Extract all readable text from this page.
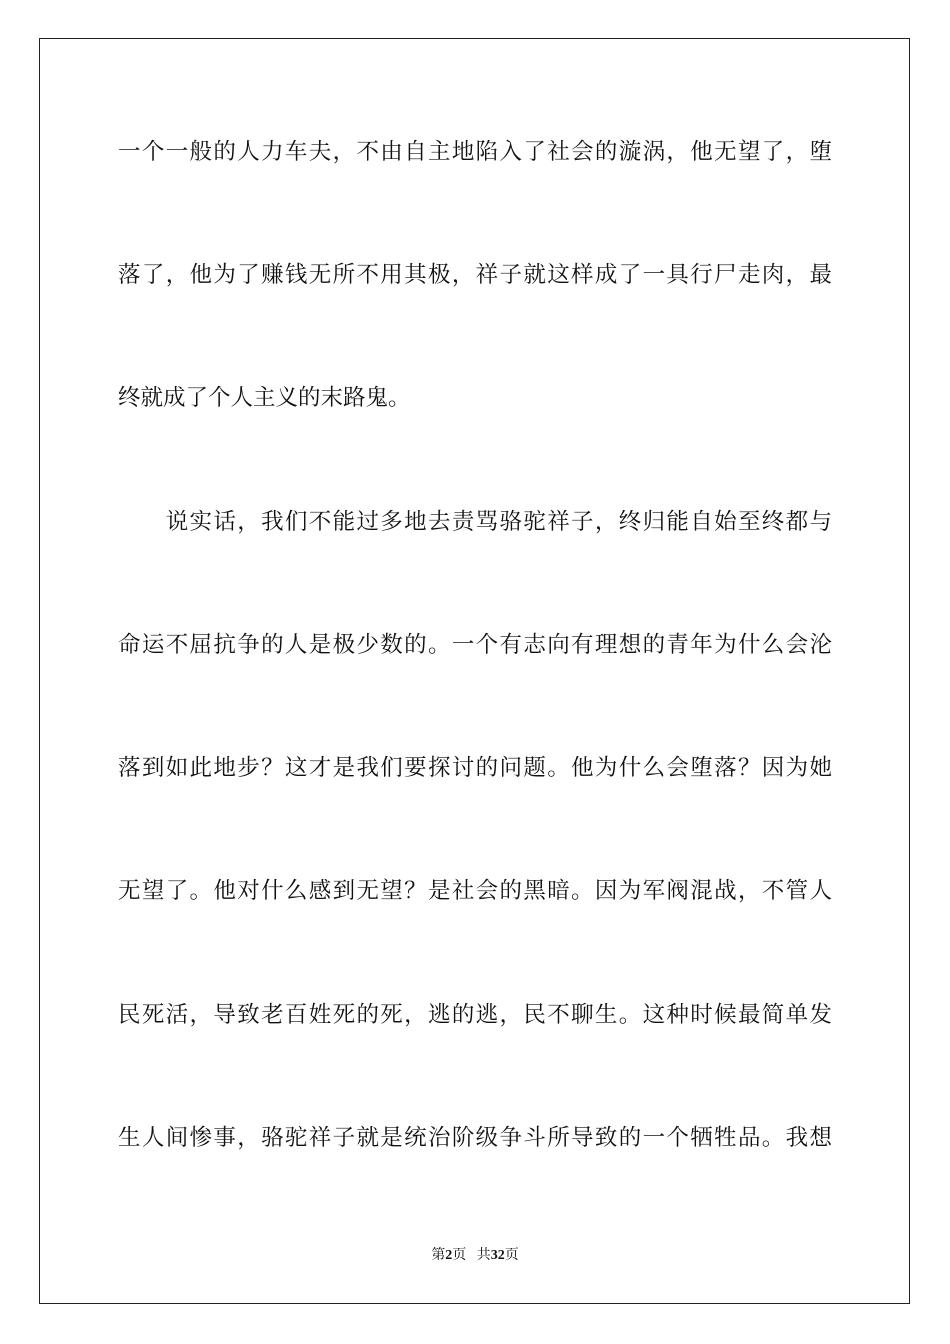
一个一般的人力车夫，不由自主地陷入了社会的漩涡，他无望了，堕
落了，他为了赚钱无所不用其极，祥子就这样成了一具行尸走肉，最
终就成了个人主义的末路鬼。
　　说实话，我们不能过多地去责骂骆驼祥子，终归能自始至终都与
命运不屈抗争的人是极少数的。一个有志向有理想的青年为什么会沦
落到如此地步？这才是我们要探讨的问题。他为什么会堕落？因为她
无望了。他对什么感到无望？是社会的黑暗。因为军阀混战，不管人
民死活，导致老百姓死的死，逃的逃，民不聊生。这种时候最简单发
生人间惨事，骆驼祥子就是统治阶级争斗所导致的一个牺牲品。我想
第2页 共32页
